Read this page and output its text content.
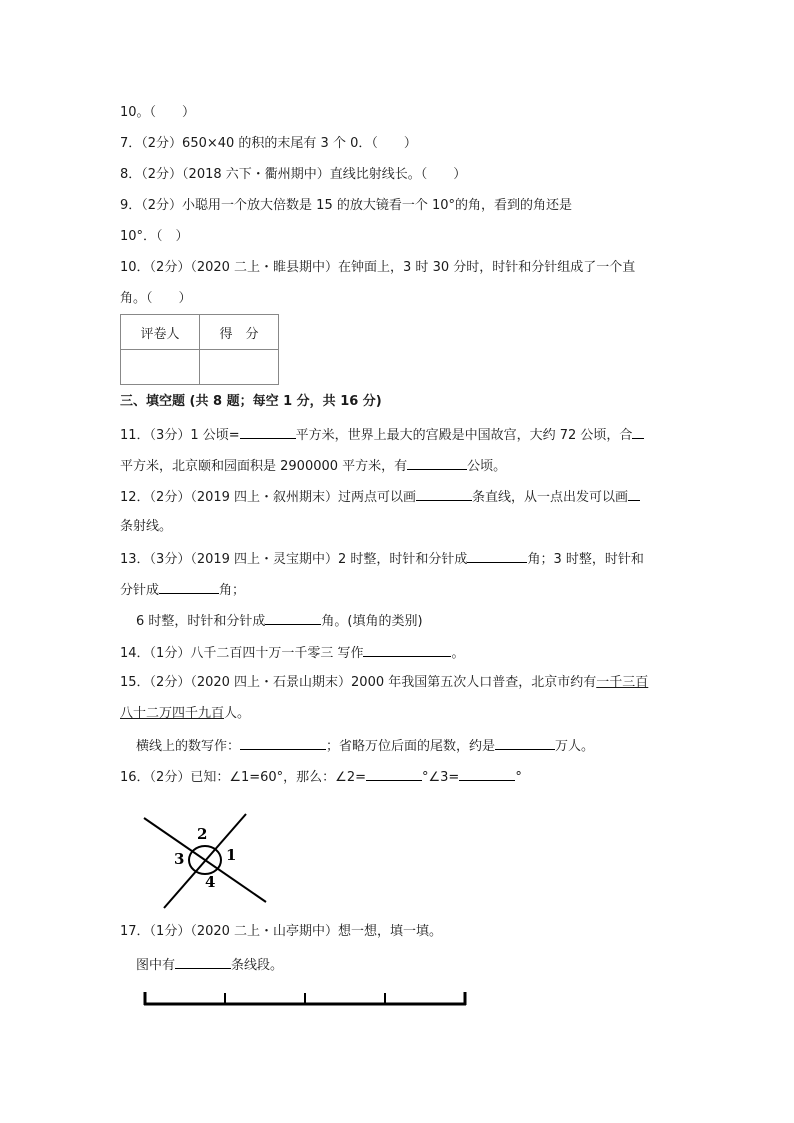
10。（　　）
7．（2分）650×40 的积的末尾有 3 个 0．（　　）
8．（2分）（2018 六下・衢州期中）直线比射线长。（　　）
9．（2分）小聪用一个放大倍数是 15 的放大镜看一个 10°的角，看到的角还是
10°．（　）
10．（2分）（2020 二上・睢县期中）在钟面上，3 时 30 分时，时针和分针组成了一个直
角。（　　）
评卷人	得　分

三、填空题 (共 8 题；每空 1 分，共 16 分)
11．（3分）1 公顷=	平方米，世界上最大的宫殿是中国故宫，大约 72 公顷，合
平方米，北京颐和园面积是 2900000 平方米，有	公顷。
12．（2分）（2019 四上・叙州期末）过两点可以画	条直线，从一点出发可以画
条射线。
13．（3分）（2019 四上・灵宝期中）2 时整，时针和分针成	角；3 时整，时针和
分针成	角；
6 时整，时针和分针成	角。(填角的类别)
14．（1分）八千二百四十万一千零三 写作	。
15．（2分）（2020 四上・石景山期末）2000 年我国第五次人口普查，北京市约有一千三百
八十二万四千九百人。
横线上的数写作：	；省略万位后面的尾数，约是	万人。
16．（2分）已知：∠1=60°，那么：∠2=	°∠3=	°
1
2
3
4
17．（1分）（2020 二上・山亭期中）想一想，填一填。
图中有	条线段。
